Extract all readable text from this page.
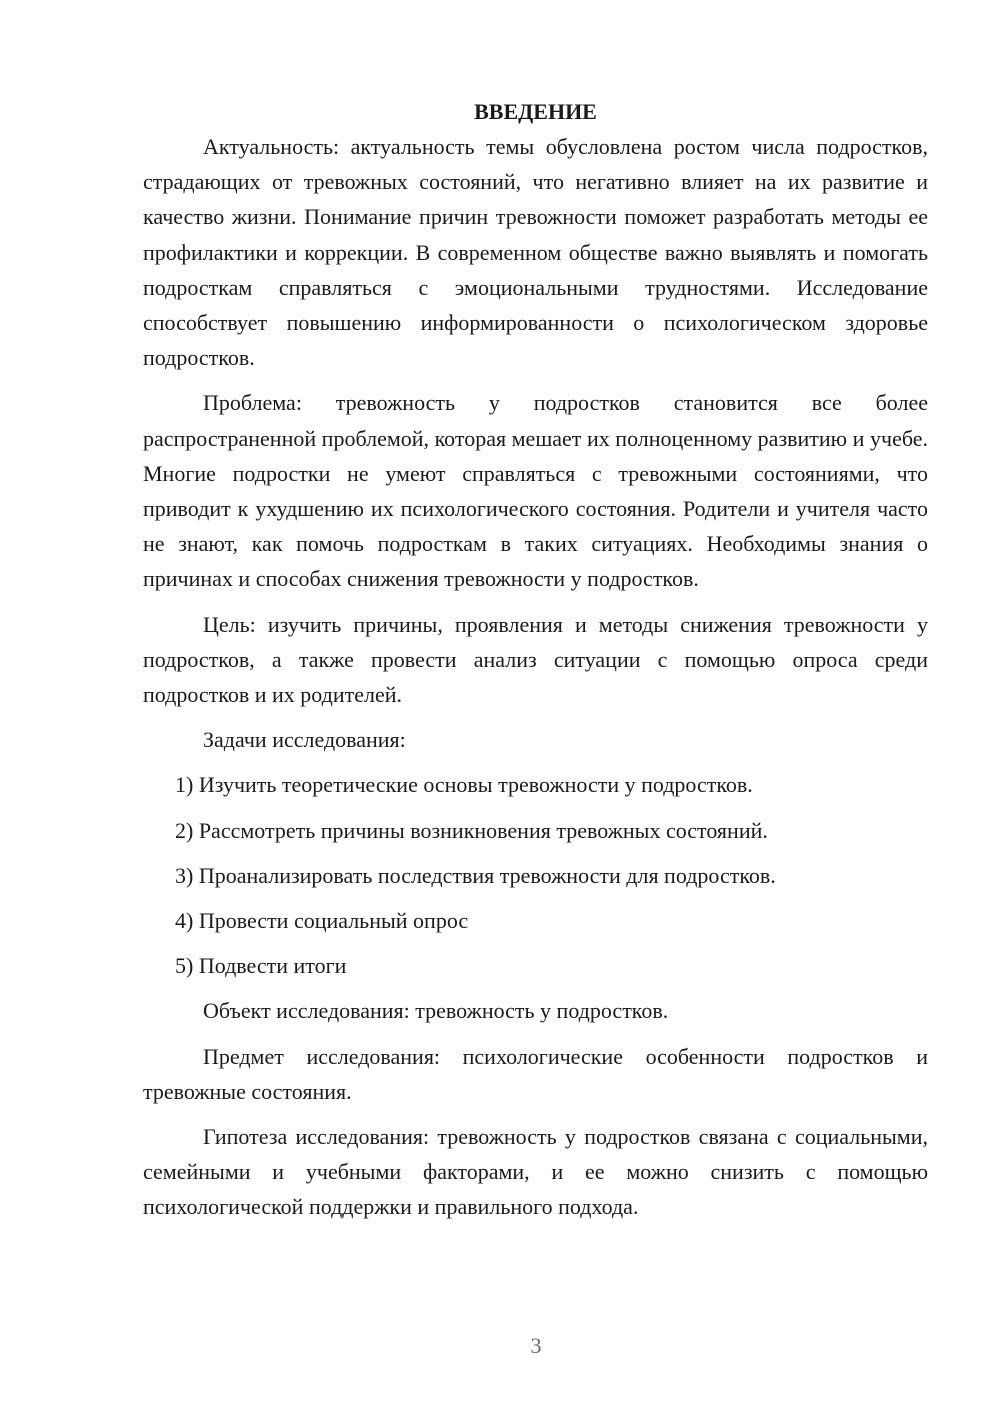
ВВЕДЕНИЕ

Актуальность: актуальность темы обусловлена ростом числа подростков, страдающих от тревожных состояний, что негативно влияет на их развитие и качество жизни. Понимание причин тревожности поможет разработать методы ее профилактики и коррекции. В современном обществе важно выявлять и помогать подросткам справляться с эмоциональными трудностями. Исследование способствует повышению информированности о психологическом здоровье подростков.

Проблема: тревожность у подростков становится все более распространенной проблемой, которая мешает их полноценному развитию и учебе. Многие подростки не умеют справляться с тревожными состояниями, что приводит к ухудшению их психологического состояния. Родители и учителя часто не знают, как помочь подросткам в таких ситуациях. Необходимы знания о причинах и способах снижения тревожности у подростков.

Цель: изучить причины, проявления и методы снижения тревожности у подростков, а также провести анализ ситуации с помощью опроса среди подростков и их родителей.

Задачи исследования:

1) Изучить теоретические основы тревожности у подростков.
2) Рассмотреть причины возникновения тревожных состояний.
3) Проанализировать последствия тревожности для подростков.
4) Провести социальный опрос
5) Подвести итоги

Объект исследования: тревожность у подростков.

Предмет исследования: психологические особенности подростков и тревожные состояния.

Гипотеза исследования: тревожность у подростков связана с социальными, семейными и учебными факторами, и ее можно снизить с помощью психологической поддержки и правильного подхода.

3
